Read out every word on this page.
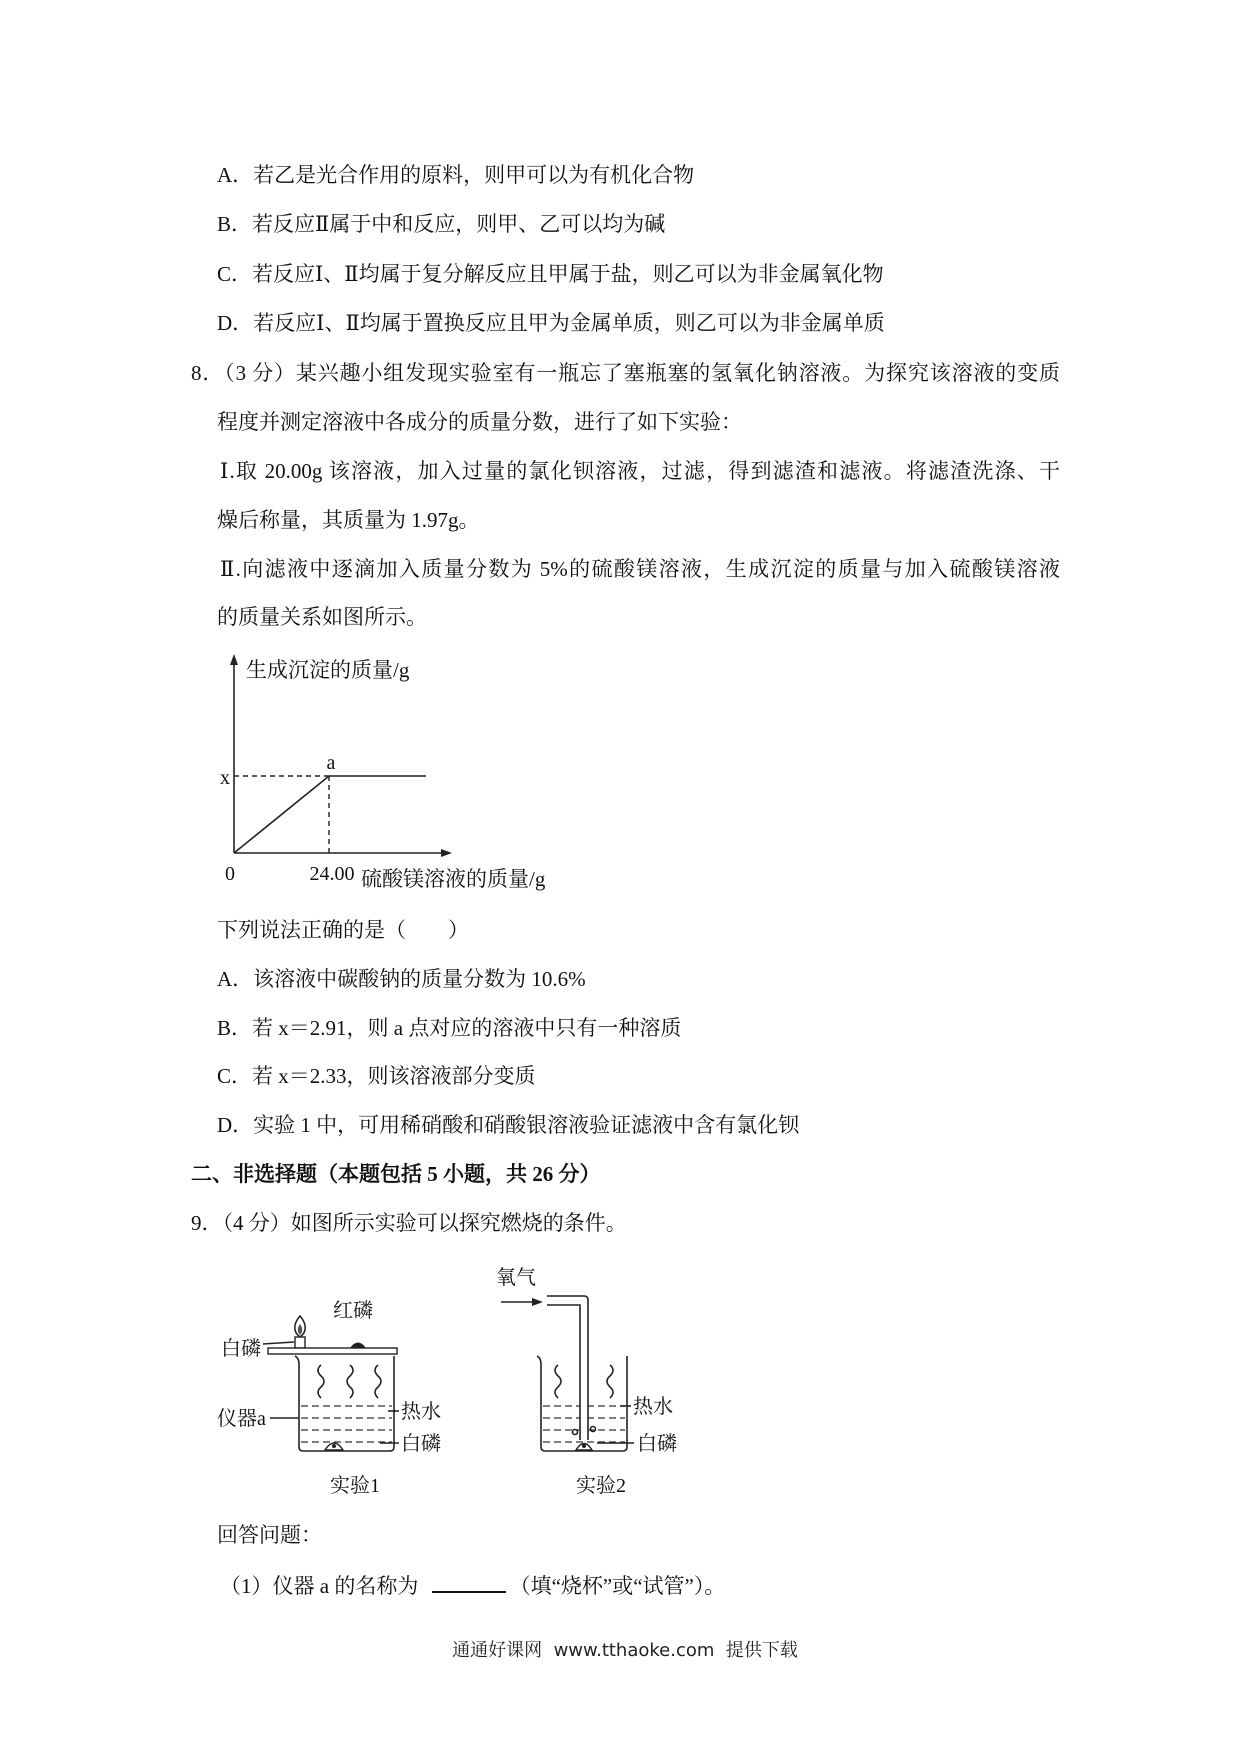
A．若乙是光合作用的原料，则甲可以为有机化合物
B．若反应Ⅱ属于中和反应，则甲、乙可以均为碱
C．若反应Ⅰ、Ⅱ均属于复分解反应且甲属于盐，则乙可以为非金属氧化物
D．若反应Ⅰ、Ⅱ均属于置换反应且甲为金属单质，则乙可以为非金属单质
8．（3 分）某兴趣小组发现实验室有一瓶忘了塞瓶塞的氢氧化钠溶液。为探究该溶液的变质
程度并测定溶液中各成分的质量分数，进行了如下实验：
Ⅰ.取 20.00g 该溶液，加入过量的氯化钡溶液，过滤，得到滤渣和滤液。将滤渣洗涤、干
燥后称量，其质量为 1.97g。
Ⅱ.向滤液中逐滴加入质量分数为 5%的硫酸镁溶液，生成沉淀的质量与加入硫酸镁溶液
的质量关系如图所示。
生成沉淀的质量/g
x
a
0	24.00 硫酸镁溶液的质量/g
下列说法正确的是（　　）
A．该溶液中碳酸钠的质量分数为 10.6%
B．若 x＝2.91，则 a 点对应的溶液中只有一种溶质
C．若 x＝2.33，则该溶液部分变质
D．实验 1 中，可用稀硝酸和硝酸银溶液验证滤液中含有氯化钡
二、非选择题（本题包括 5 小题，共 26 分）
9．（4 分）如图所示实验可以探究燃烧的条件。
红磷
白磷
仪器a	热水
白磷
实验1
氧气
热水
白磷
实验2
回答问题：
（1）仪器 a 的名称为	（填“烧杯”或“试管”）。
通通好课网  www.tthaoke.com  提供下载
